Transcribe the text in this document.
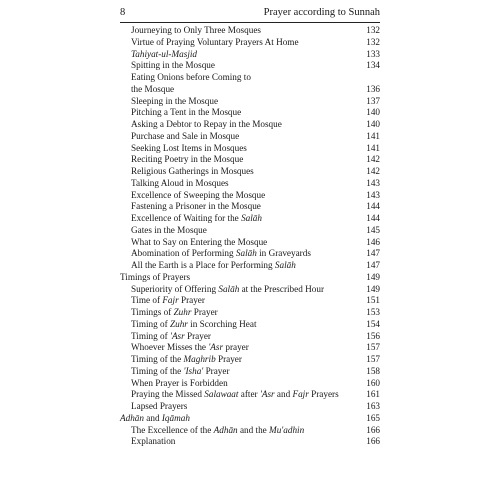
8	Prayer according to Sunnah
Journeying to Only Three Mosques	132
Virtue of Praying Voluntary Prayers At Home	132
Tahiyat-ul-Masjid	133
Spitting in the Mosque	134
Eating Onions before Coming to
the Mosque	136
Sleeping in the Mosque	137
Pitching a Tent in the Mosque	140
Asking a Debtor to Repay in the Mosque	140
Purchase and Sale in Mosque	141
Seeking Lost Items in Mosques	141
Reciting Poetry in the Mosque	142
Religious Gatherings in Mosques	142
Talking Aloud in Mosques	143
Excellence of Sweeping the Mosque	143
Fastening a Prisoner in the Mosque	144
Excellence of Waiting for the Salāh	144
Gates in the Mosque	145
What to Say on Entering the Mosque	146
Abomination of Performing Salāh in Graveyards	147
All the Earth is a Place for Performing Salāh	147
Timings of Prayers	149
Superiority of Offering Salāh at the Prescribed Hour	149
Time of Fajr Prayer	151
Timings of Zuhr Prayer	153
Timing of Zuhr in Scorching Heat	154
Timing of 'Asr Prayer	156
Whoever Misses the 'Asr prayer	157
Timing of the Maghrib Prayer	157
Timing of the 'Isha' Prayer	158
When Prayer is Forbidden	160
Praying the Missed Salawaat after 'Asr and Fajr Prayers	161
Lapsed Prayers	163
Adhān and Iqāmah	165
The Excellence of the Adhān and the Mu'adhin	166
Explanation	166
